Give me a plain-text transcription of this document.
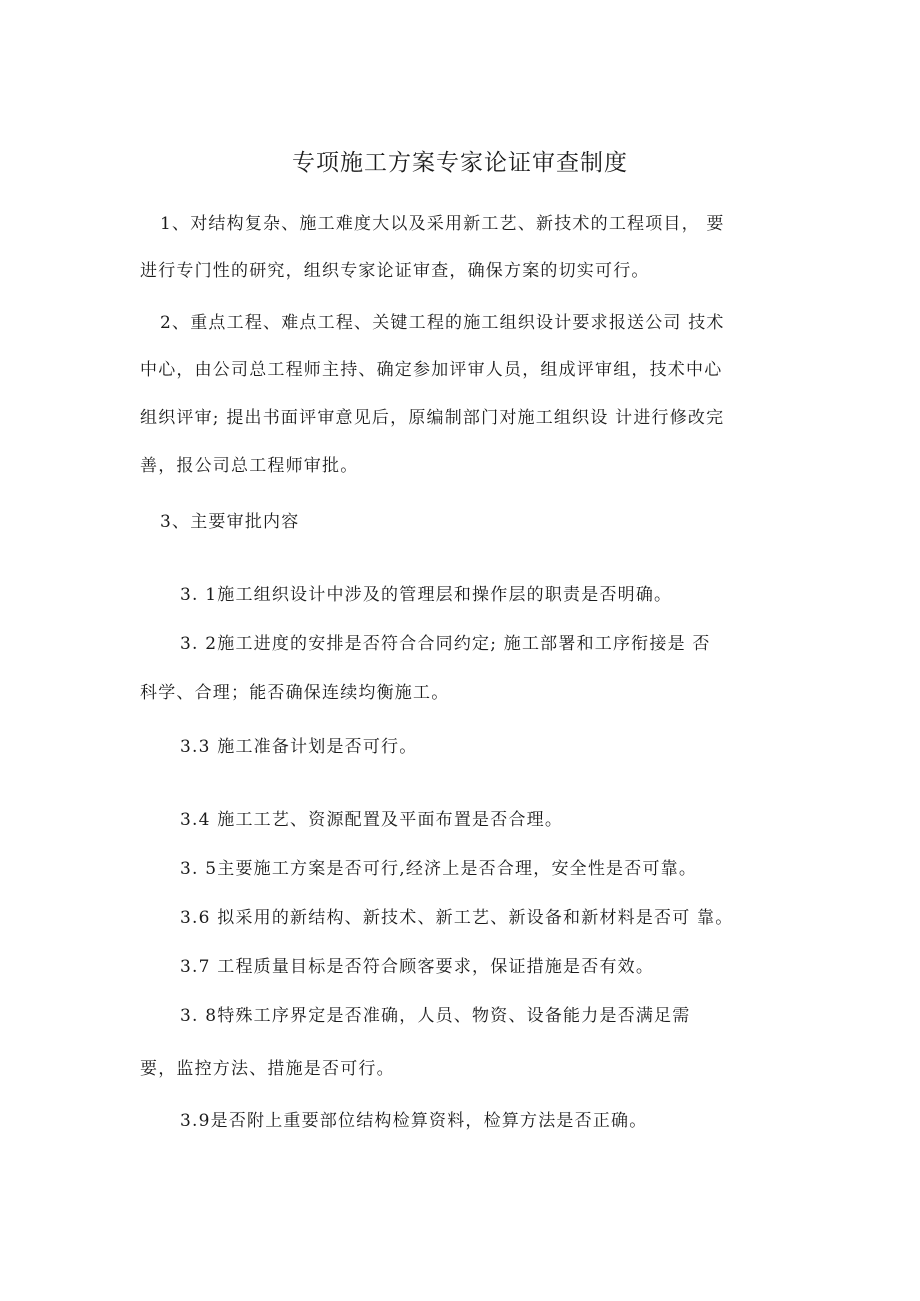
专项施工方案专家论证审查制度
1、对结构复杂、施工难度大以及采用新工艺、新技术的工程项目， 要
进行专门性的研究，组织专家论证审查，确保方案的切实可行。
2、重点工程、难点工程、关键工程的施工组织设计要求报送公司 技术
中心，由公司总工程师主持、确定参加评审人员，组成评审组，技术中心
组织评审; 提出书面评审意见后，原编制部门对施工组织设 计进行修改完
善，报公司总工程师审批。
3、主要审批内容
3. 1施工组织设计中涉及的管理层和操作层的职责是否明确。
3. 2施工进度的安排是否符合合同约定; 施工部署和工序衔接是 否
科学、合理；能否确保连续均衡施工。
3.3 施工准备计划是否可行。
3.4 施工工艺、资源配置及平面布置是否合理。
3. 5主要施工方案是否可行,经济上是否合理，安全性是否可靠。
3.6 拟采用的新结构、新技术、新工艺、新设备和新材料是否可 靠。
3.7 工程质量目标是否符合顾客要求，保证措施是否有效。
3. 8特殊工序界定是否准确，人员、物资、设备能力是否满足需
要，监控方法、措施是否可行。
3.9是否附上重要部位结构检算资料，检算方法是否正确。
